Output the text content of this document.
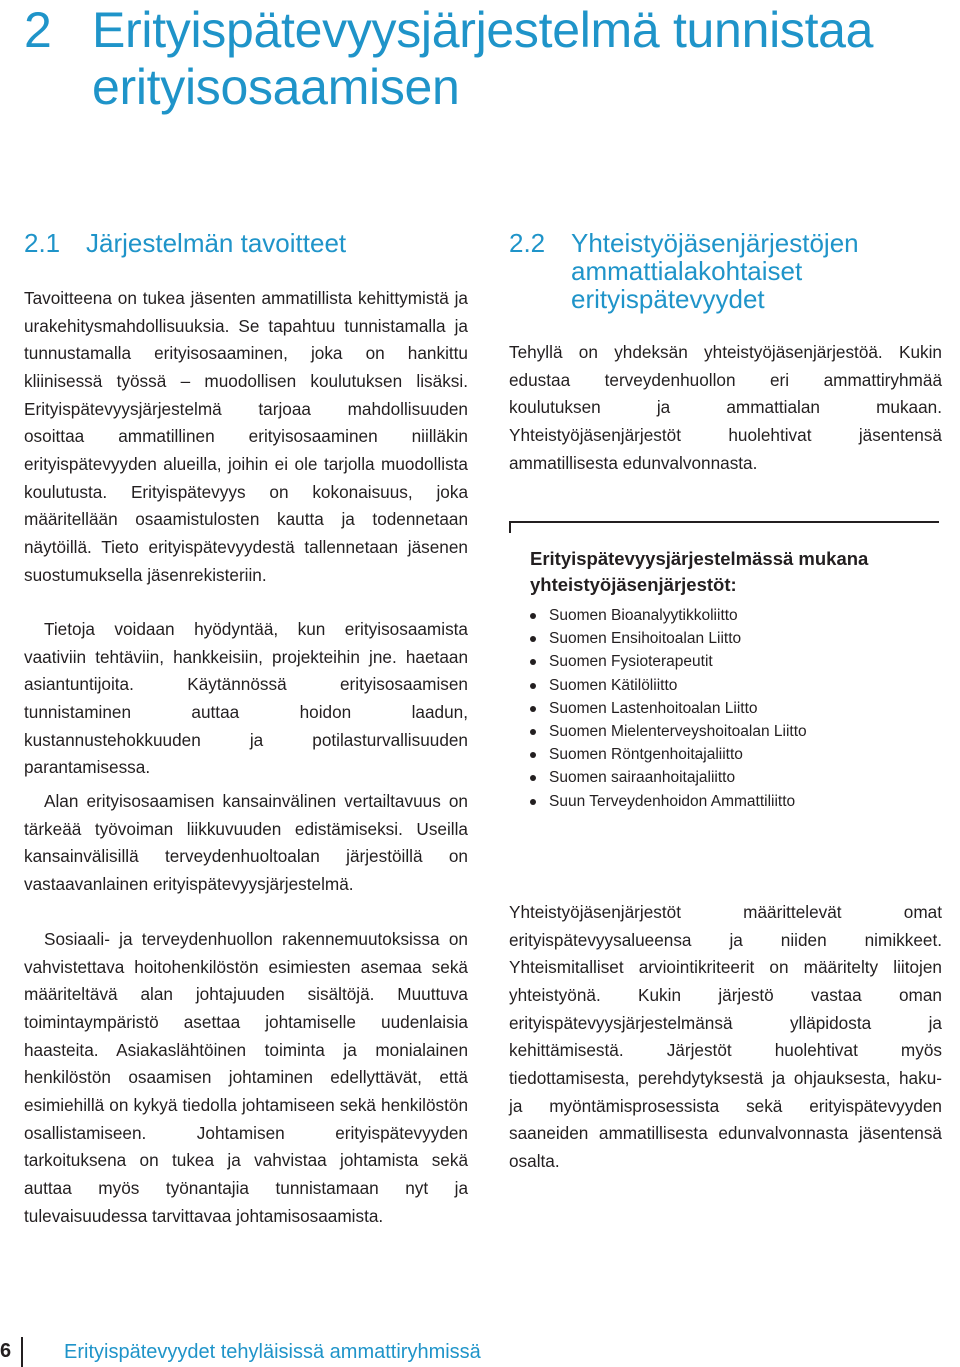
2 Erityispätevyysjärjestelmä tunnistaa erityisosaamisen
2.1 Järjestelmän tavoitteet

Tavoitteena on tukea jäsenten ammatillista kehittymistä ja urakehitysmahdollisuuksia. Se tapahtuu tunnistamalla ja tunnustamalla erityisosaaminen, joka on hankittu kliinisessä työssä – muodollisen koulutuksen lisäksi. Erityispätevyysjärjestelmä tarjoaa mahdollisuuden osoittaa ammatillinen erityisosaaminen niilläkin erityispätevyyden alueilla, joihin ei ole tarjolla muodollista koulutusta. Erityispätevyys on kokonaisuus, joka määritellään osaamistulosten kautta ja todennetaan näytöillä. Tieto erityispätevyydestä tallennetaan jäsenen suostumuksella jäsenrekisteriin.

Tietoja voidaan hyödyntää, kun erityisosaamista vaativiin tehtäviin, hankkeisiin, projekteihin jne. haetaan asiantuntijoita. Käytännössä erityisosaamisen tunnistaminen auttaa hoidon laadun, kustannustehokkuuden ja potilasturvallisuuden parantamisessa.

Alan erityisosaamisen kansainvälinen vertailtavuus on tärkeää työvoiman liikkuvuuden edistämiseksi. Useilla kansainvälisillä terveydenhuoltoalan järjestöillä on vastaavanlainen erityispätevyysjärjestelmä.

Sosiaali- ja terveydenhuollon rakennemuutoksissa on vahvistettava hoitohenkilöstön esimiesten asemaa sekä määriteltävä alan johtajuuden sisältöjä. Muuttuva toimintaympäristö asettaa johtamiselle uudenlaisia haasteita. Asiakaslähtöinen toiminta ja monialainen henkilöstön osaamisen johtaminen edellyttävät, että esimiehillä on kykyä tiedolla johtamiseen sekä henkilöstön osallistamiseen. Johtamisen erityispätevyyden tarkoituksena on tukea ja vahvistaa johtamista sekä auttaa myös työnantajia tunnistamaan nyt ja tulevaisuudessa tarvittavaa johtamisosaamista.

2.2 Yhteistyöjäsenjärjestöjen ammattialakohtaiset erityispätevyydet

Tehyllä on yhdeksän yhteistyöjäsenjärjestöä. Kukin edustaa terveydenhuollon eri ammattiryhmää koulutuksen ja ammattialan mukaan. Yhteistyöjäsenjärjestöt huolehtivat jäsentensä ammatillisesta edunvalvonnasta.

Erityispätevyysjärjestelmässä mukana yhteistyöjäsenjärjestöt:

Suomen Bioanalyytikkoliitto
Suomen Ensihoitoalan Liitto
Suomen Fysioterapeutit
Suomen Kätilöliitto
Suomen Lastenhoitoalan Liitto
Suomen Mielenterveyshoitoalan Liitto
Suomen Röntgenhoitajaliitto
Suomen sairaanhoitajaliitto
Suun Terveydenhoidon Ammattiliitto

Yhteistyöjäsenjärjestöt määrittelevät omat erityispätevyysalueensa ja niiden nimikkeet. Yhteismitalliset arviointikriteerit on määritelty liitojen yhteistyönä. Kukin järjestö vastaa oman erityispätevyysjärjestelmänsä ylläpidosta ja kehittämisestä. Järjestöt huolehtivat myös tiedottamisesta, perehdytyksestä ja ohjauksesta, haku- ja myöntämisprosessista sekä erityispätevyyden saaneiden ammatillisesta edunvalvonnasta jäsentensä osalta.

6	Erityispätevyydet tehyläisissä ammattiryhmissä
